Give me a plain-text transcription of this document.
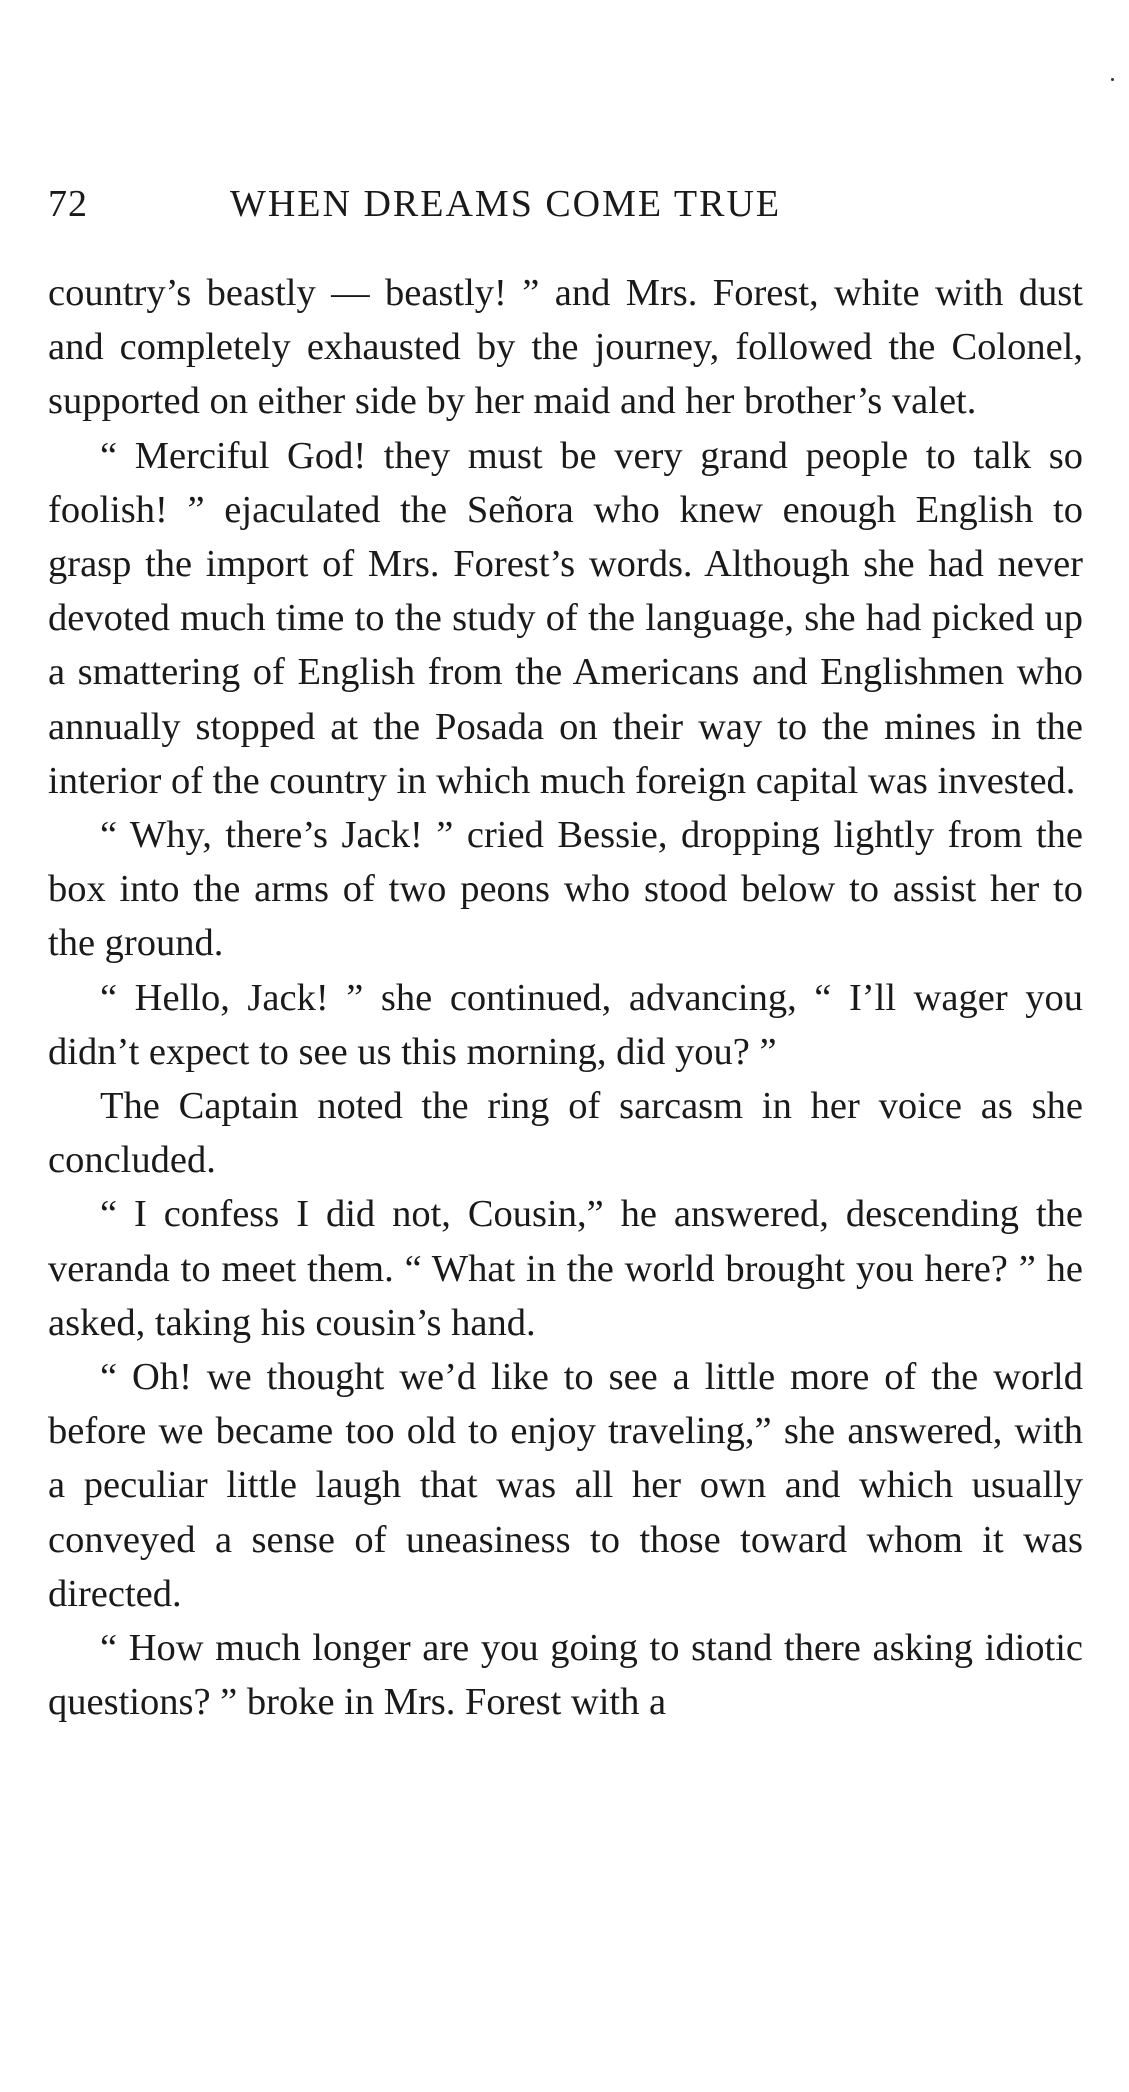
72	WHEN DREAMS COME TRUE

country’s beastly — beastly! ” and Mrs. Forest, white with dust and completely exhausted by the journey, followed the Colonel, supported on either side by her maid and her brother’s valet.

“ Merciful God! they must be very grand people to talk so foolish! ” ejaculated the Señora who knew enough English to grasp the import of Mrs. Forest’s words. Although she had never devoted much time to the study of the language, she had picked up a smattering of English from the Americans and Englishmen who annually stopped at the Posada on their way to the mines in the interior of the country in which much foreign capital was invested.

“ Why, there’s Jack! ” cried Bessie, dropping lightly from the box into the arms of two peons who stood below to assist her to the ground.

“ Hello, Jack! ” she continued, advancing, “ I’ll wager you didn’t expect to see us this morning, did you? ”

The Captain noted the ring of sarcasm in her voice as she concluded.

“ I confess I did not, Cousin,” he answered, descending the veranda to meet them. “ What in the world brought you here? ” he asked, taking his cousin’s hand.

“ Oh! we thought we’d like to see a little more of the world before we became too old to enjoy traveling,” she answered, with a peculiar little laugh that was all her own and which usually conveyed a sense of uneasiness to those toward whom it was directed.

“ How much longer are you going to stand there asking idiotic questions? ” broke in Mrs. Forest with a
